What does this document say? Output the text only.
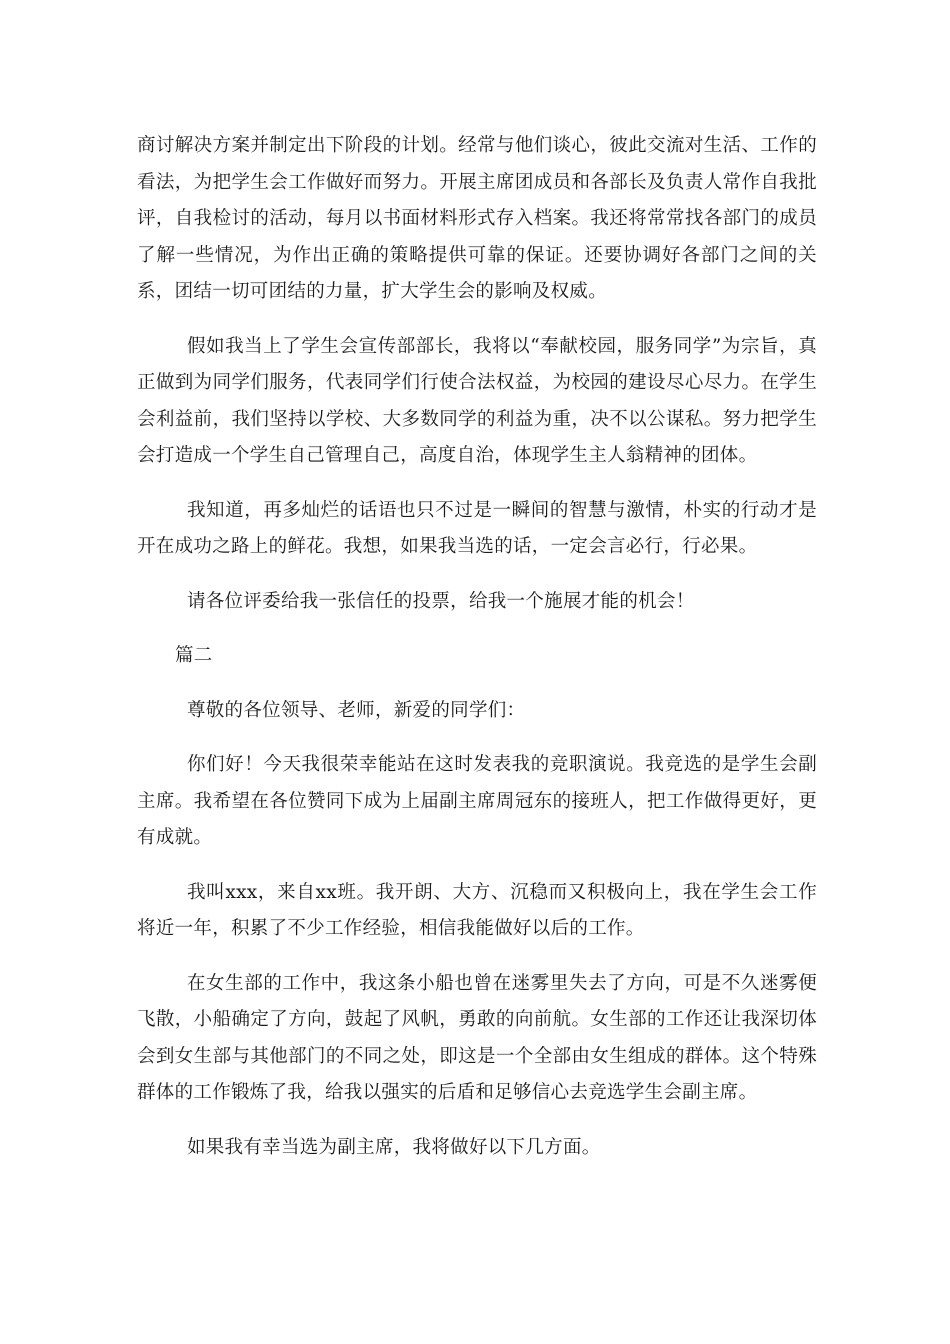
商讨解决方案并制定出下阶段的计划。经常与他们谈心，彼此交流对生活、工作的看法，为把学生会工作做好而努力。开展主席团成员和各部长及负责人常作自我批评，自我检讨的活动，每月以书面材料形式存入档案。我还将常常找各部门的成员了解一些情况，为作出正确的策略提供可靠的保证。还要协调好各部门之间的关系，团结一切可团结的力量，扩大学生会的影响及权威。

假如我当上了学生会宣传部部长，我将以“奉献校园，服务同学”为宗旨，真正做到为同学们服务，代表同学们行使合法权益，为校园的建设尽心尽力。在学生会利益前，我们坚持以学校、大多数同学的利益为重，决不以公谋私。努力把学生会打造成一个学生自己管理自己，高度自治，体现学生主人翁精神的团体。

我知道，再多灿烂的话语也只不过是一瞬间的智慧与激情，朴实的行动才是开在成功之路上的鲜花。我想，如果我当选的话，一定会言必行，行必果。

请各位评委给我一张信任的投票，给我一个施展才能的机会！

篇二

尊敬的各位领导、老师，新爱的同学们：

你们好！今天我很荣幸能站在这时发表我的竞职演说。我竞选的是学生会副主席。我希望在各位赞同下成为上届副主席周冠东的接班人，把工作做得更好，更有成就。

我叫xxx，来自xx班。我开朗、大方、沉稳而又积极向上，我在学生会工作将近一年，积累了不少工作经验，相信我能做好以后的工作。

在女生部的工作中，我这条小船也曾在迷雾里失去了方向，可是不久迷雾便飞散，小船确定了方向，鼓起了风帆，勇敢的向前航。女生部的工作还让我深切体会到女生部与其他部门的不同之处，即这是一个全部由女生组成的群体。这个特殊群体的工作锻炼了我，给我以强实的后盾和足够信心去竞选学生会副主席。

如果我有幸当选为副主席，我将做好以下几方面。
